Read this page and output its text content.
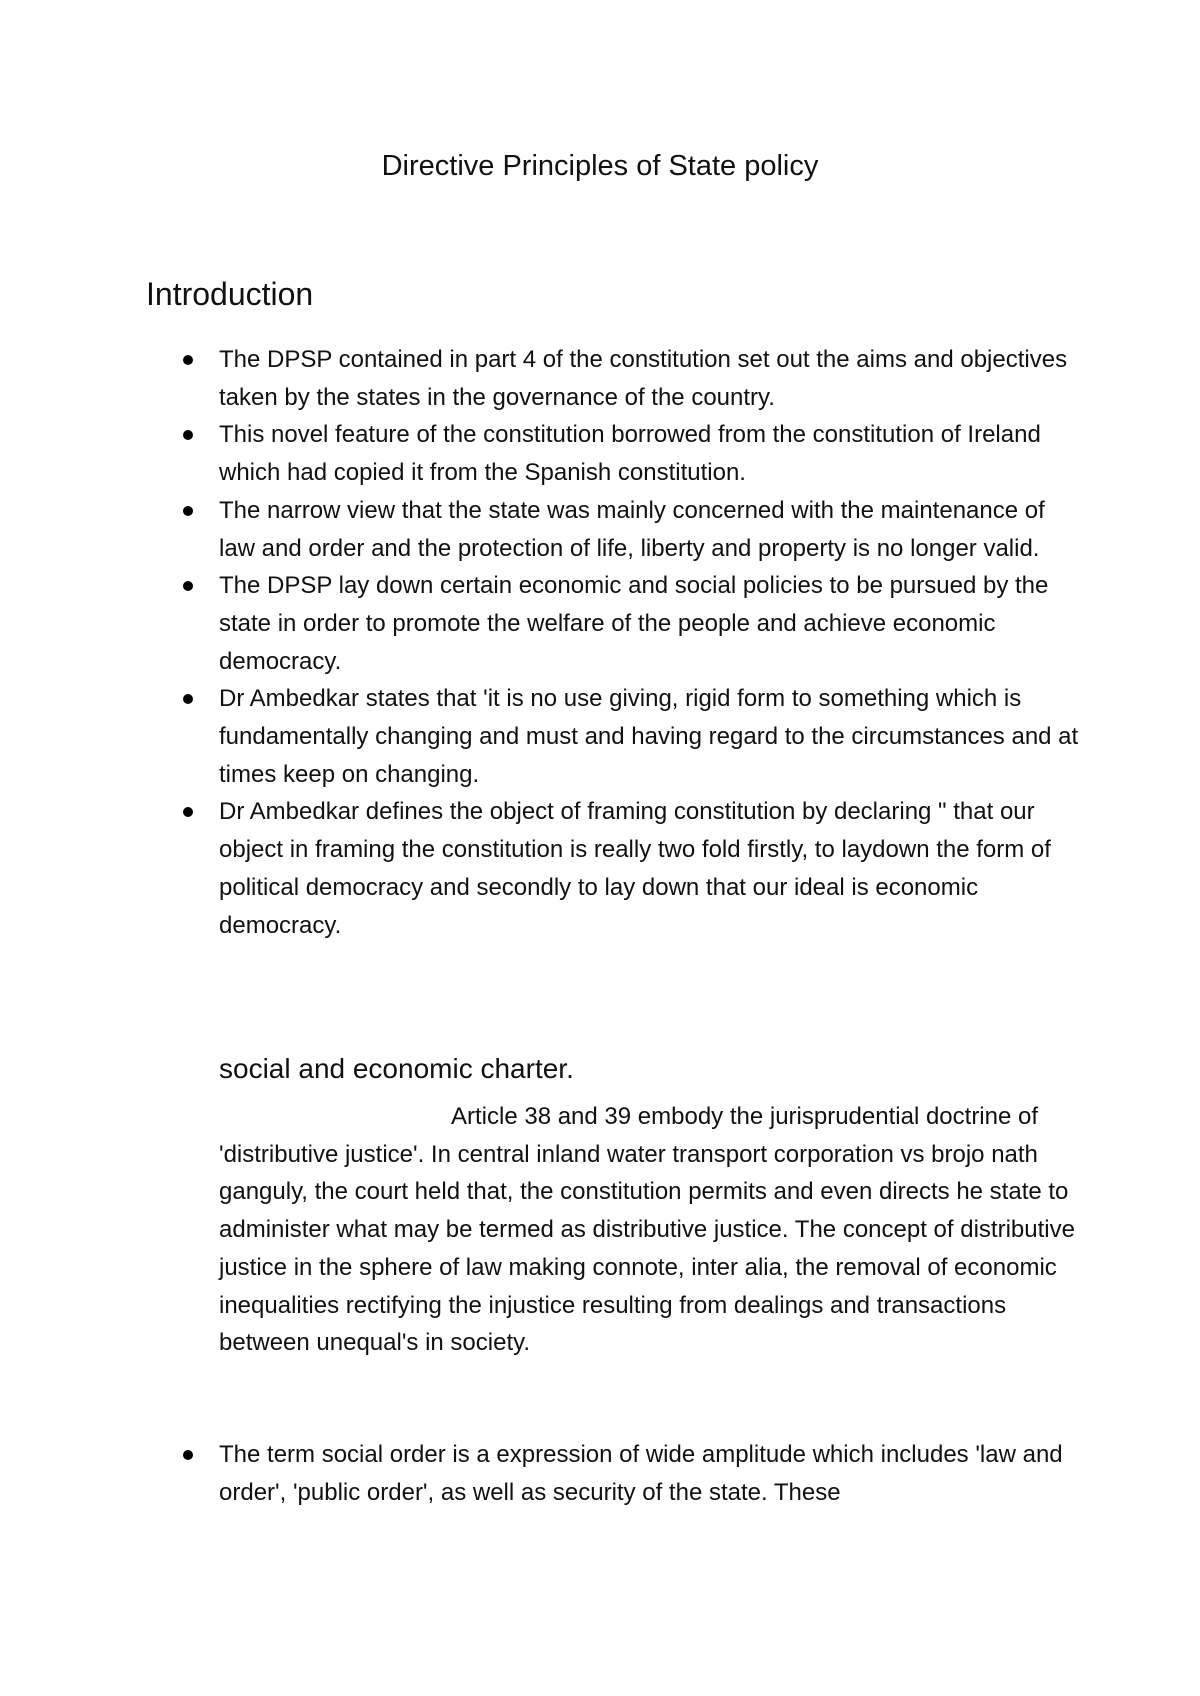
Directive Principles of State policy
Introduction
The DPSP contained in part 4 of the constitution set out the aims and objectives taken by the states in the governance of the country.
This novel feature of the constitution borrowed from the constitution of Ireland which had copied it from the Spanish constitution.
The narrow view that the state was mainly concerned with the maintenance of law and order and the protection of life, liberty and property is no longer valid.
The DPSP lay down certain economic and social policies to be pursued by the state in order to promote the welfare of the people and achieve economic democracy.
Dr Ambedkar states that 'it is no use giving, rigid form to something which is fundamentally changing and must and having regard to the circumstances and at times keep on changing.
Dr Ambedkar defines the object of framing constitution by declaring " that our object in framing the constitution is really two fold firstly, to laydown the form of political democracy and secondly to lay down that our ideal is economic democracy.
social and economic charter.

Article 38 and 39 embody the jurisprudential doctrine of 'distributive justice'. In central inland water transport corporation vs brojo nath ganguly, the court held that, the constitution permits and even directs he state to administer what may be termed as distributive justice. The concept of distributive justice in the sphere of law making connote, inter alia, the removal of economic inequalities rectifying the injustice resulting from dealings and transactions between unequal's in society.

The term social order is a expression of wide amplitude which includes 'law and order', 'public order', as well as security of the state. These
